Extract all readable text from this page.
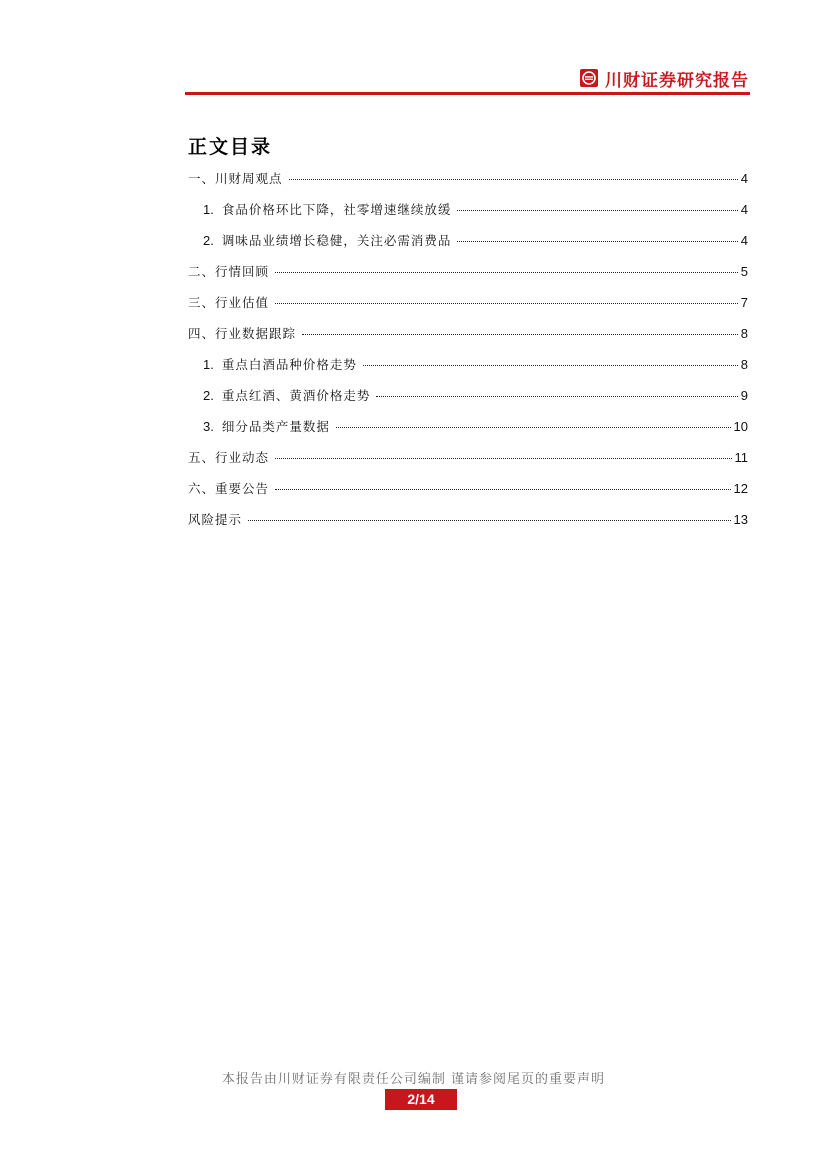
川财证券研究报告
正文目录
一、川财周观点	4
1. 食品价格环比下降，社零增速继续放缓	4
2. 调味品业绩增长稳健，关注必需消费品	4
二、行情回顾	5
三、行业估值	7
四、行业数据跟踪	8
1. 重点白酒品种价格走势	8
2. 重点红酒、黄酒价格走势	9
3. 细分品类产量数据	10
五、行业动态	11
六、重要公告	12
风险提示	13
本报告由川财证券有限责任公司编制 谨请参阅尾页的重要声明
2/14
